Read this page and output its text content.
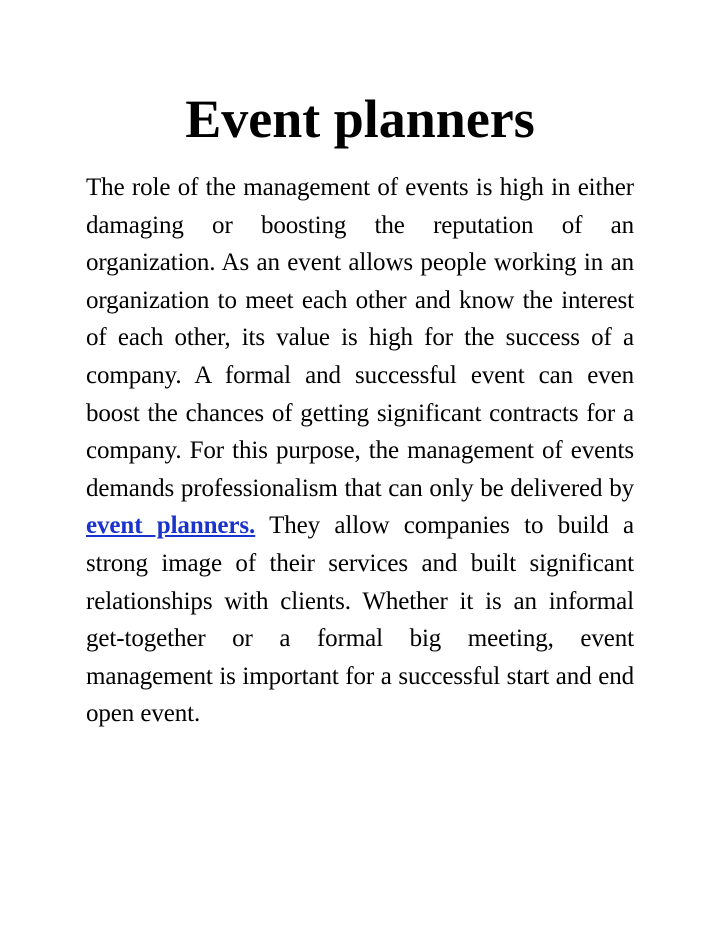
Event planners

The role of the management of events is high in either damaging or boosting the reputation of an organization. As an event allows people working in an organization to meet each other and know the interest of each other, its value is high for the success of a company. A formal and successful event can even boost the chances of getting significant contracts for a company. For this purpose, the management of events demands professionalism that can only be delivered by event planners. They allow companies to build a strong image of their services and built significant relationships with clients. Whether it is an informal get-together or a formal big meeting, event management is important for a successful start and end open event.
